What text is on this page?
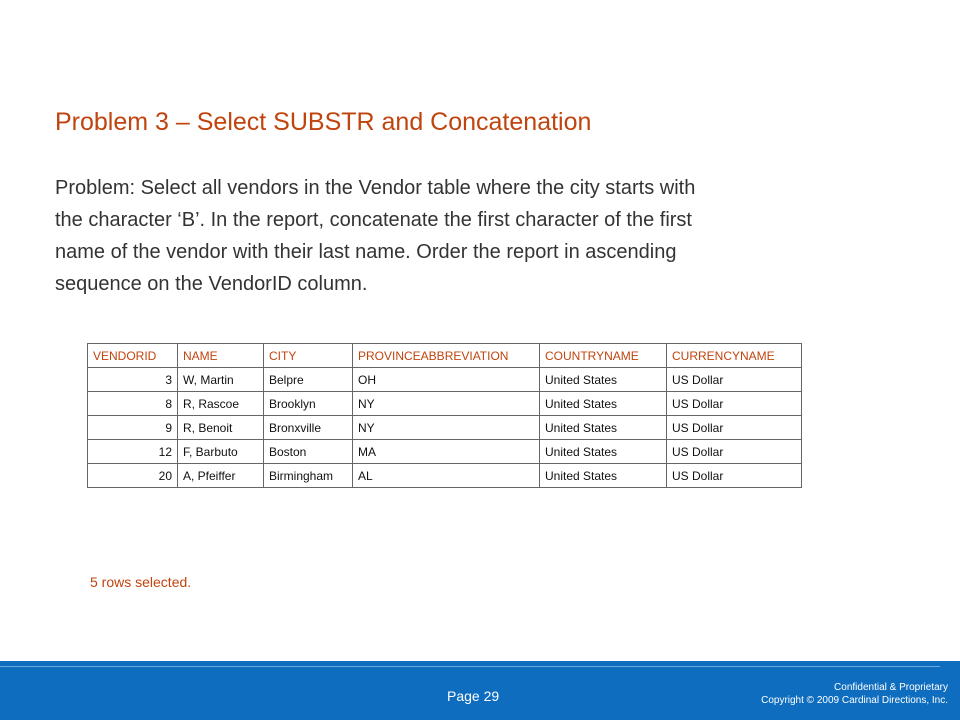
Problem 3 – Select SUBSTR and Concatenation

Problem: Select all vendors in the Vendor table where the city starts with

the character ‘B’. In the report, concatenate the first character of the first

name of the vendor with their last name. Order the report in ascending

sequence on the VendorID column.

VENDORID	NAME	CITY	PROVINCEABBREVIATION	COUNTRYNAME	CURRENCYNAME
3	W, Martin	Belpre	OH	United States	US Dollar
8	R, Rascoe	Brooklyn	NY	United States	US Dollar
9	R, Benoit	Bronxville	NY	United States	US Dollar
12	F, Barbuto	Boston	MA	United States	US Dollar
20	A, Pfeiffer	Birmingham	AL	United States	US Dollar
5 rows selected.
Page 29
Confidential & Proprietary
Copyright © 2009 Cardinal Directions, Inc.
